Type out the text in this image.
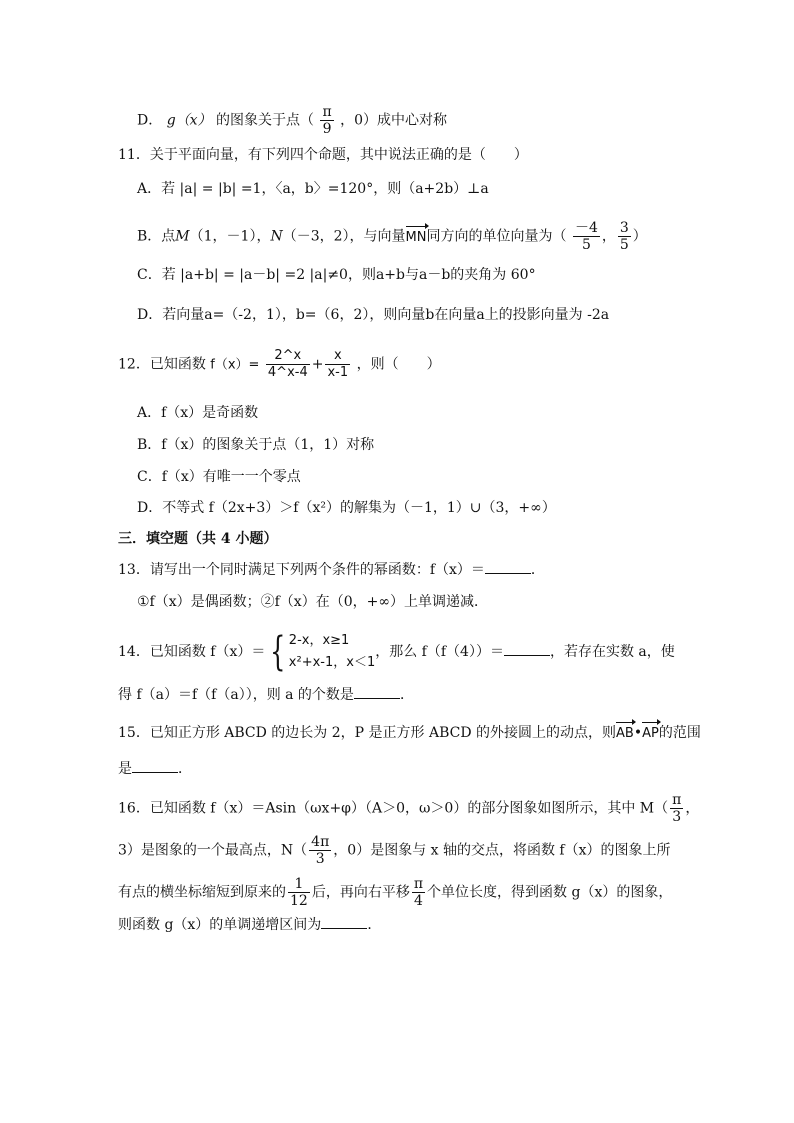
D． g（x） 的图象关于点（ $\frac{\pi}{9}$ ，0）成中心对称
11．关于平面向量，有下列四个命题，其中说法正确的是（　　）
A．若 |a| = |b| =1，〈a，b〉=120°，则（a+2b）⊥a
B．点M（1，－1），N（－3，2），与向量MN同方向的单位向量为（ $\frac{-4}{5}$ ， $\frac{3}{5}$ ）
C．若 |a+b| = |a－b| =2 |a|≠0，则a+b与a－b的夹角为 60°
D．若向量a=（-2，1），b=（6，2），则向量b在向量a上的投影向量为 -2a
12．已知函数 $f(x)= \frac{2\^{}x}{4\^{}x-4} + \frac{x}{x-1}$ ，则（　　）
A．f（x）是奇函数
B．f（x）的图象关于点（1，1）对称
C．f（x）有唯一一个零点
D．不等式 f（2x+3）＞f（x²）的解集为（－1，1）∪（3，+∞）
三．填空题（共 4 小题）
13．请写出一个同时满足下列两个条件的幂函数：f（x）＝	．
①f（x）是偶函数；②f（x）在（0，+∞）上单调递减．
14．已知函数 f（x）＝ { 2-x，x≥1
x²+x-1，x＜1
，那么 f（f（4））＝	，若存在实数 a，使
得 f（a）＝f（f（a）），则 a 的个数是	．
15．已知正方形 ABCD 的边长为 2，P 是正方形 ABCD 的外接圆上的动点，则AB•AP的范围
是	．
16．已知函数 f（x）＝Asin（ωx+φ）（A＞0，ω＞0）的部分图象如图所示，其中 $M( \frac{\pi}{3}$ ，
3）是图象的一个最高点，$N( \frac{4\pi}{3}$ ，0）是图象与 x 轴的交点，将函数 f（x）的图象上所
有点的横坐标缩短到原来的 $\frac{1}{12}$ 后，再向右平移 $\frac{\pi}{4}$ 个单位长度，得到函数 g（x）的图象，
则函数 g（x）的单调递增区间为	．
